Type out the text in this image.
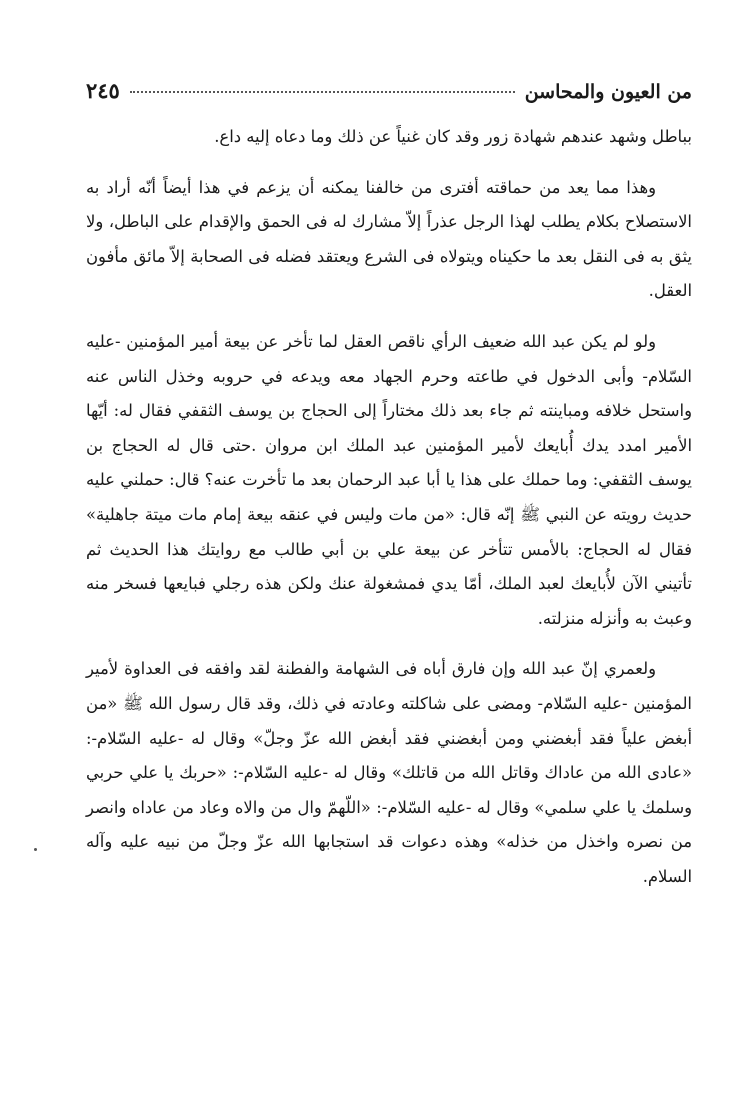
من العيون والمحاسن
٢٤٥

بباطل وشهد عندهم شهادة زور وقد كان غنياً عن ذلك وما دعاه إليه داع.

وهذا مما يعد من حماقته أفترى من خالفنا يمكنه أن يزعم في هذا أيضاً أنّه أراد به الاستصلاح بكلام يطلب لهذا الرجل عذراً إلاّ مشارك له فى الحمق والإقدام على الباطل، ولا يثق به فى النقل بعد ما حكيناه ويتولاه فى الشرع ويعتقد فضله فى الصحابة إلاّ مائق مأفون العقل.

ولو لم يكن عبد الله ضعيف الرأي ناقص العقل لما تأخر عن بيعة أمير المؤمنين -عليه السّلام- وأبى الدخول في طاعته وحرم الجهاد معه ويدعه في حروبه وخذل الناس عنه واستحل خلافه ومباينته ثم جاء بعد ذلك مختاراً إلى الحجاج بن يوسف الثقفي فقال له: أيّها الأمير امدد يدك أُبايعك لأمير المؤمنين عبد الملك ابن مروان .حتى قال له الحجاج بن يوسف الثقفي: وما حملك على هذا يا أبا عبد الرحمان بعد ما تأخرت عنه؟ قال: حملني عليه حديث رويته عن النبي ﷺ إنّه قال: «من مات وليس في عنقه بيعة إمام مات ميتة جاهلية» فقال له الحجاج: بالأمس تتأخر عن بيعة علي بن أبي طالب مع روايتك هذا الحديث ثم تأتيني الآن لأُبايعك لعبد الملك، أمّا يدي فمشغولة عنك ولكن هذه رجلي فبايعها فسخر منه وعبث به وأنزله منزلته.

ولعمري إنّ عبد الله وإن فارق أباه فى الشهامة والفطنة لقد وافقه فى العداوة لأمير المؤمنين -عليه السّلام- ومضى على شاكلته وعادته في ذلك، وقد قال رسول الله ﷺ «من أبغض علياً فقد أبغضني ومن أبغضني فقد أبغض الله عزّ وجلّ» وقال له -عليه السّلام-: «عادى الله من عاداك وقاتل الله من قاتلك» وقال له -عليه السّلام-: «حربك يا علي حربي وسلمك يا علي سلمي» وقال له -عليه السّلام-: «اللّهمّ وال من والاه وعاد من عاداه وانصر من نصره واخذل من خذله» وهذه دعوات قد استجابها الله عزّ وجلّ من نبيه عليه وآله السلام.
